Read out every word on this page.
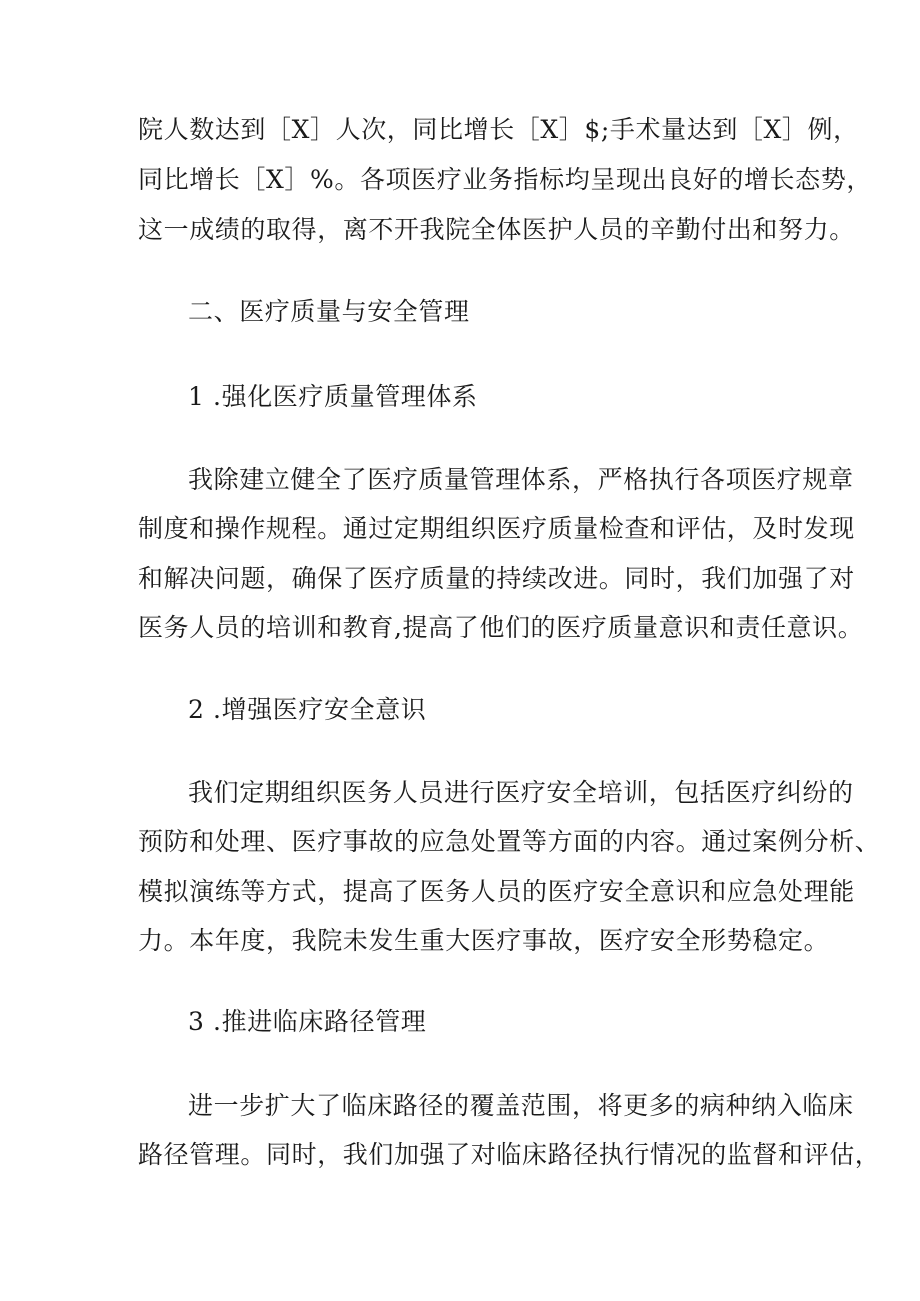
院人数达到［X］人次，同比增长［X］$;手术量达到［X］例，
同比增长［X］%。各项医疗业务指标均呈现出良好的增长态势，
这一成绩的取得，离不开我院全体医护人员的辛勤付出和努力。
二、医疗质量与安全管理
1 .强化医疗质量管理体系
我除建立健全了医疗质量管理体系，严格执行各项医疗规章
制度和操作规程。通过定期组织医疗质量检查和评估，及时发现
和解决问题，确保了医疗质量的持续改进。同时，我们加强了对
医务人员的培训和教育,提高了他们的医疗质量意识和责任意识。
2 .增强医疗安全意识
我们定期组织医务人员进行医疗安全培训，包括医疗纠纷的
预防和处理、医疗事故的应急处置等方面的内容。通过案例分析、
模拟演练等方式，提高了医务人员的医疗安全意识和应急处理能
力。本年度，我院未发生重大医疗事故，医疗安全形势稳定。
3 .推进临床路径管理
进一步扩大了临床路径的覆盖范围，将更多的病种纳入临床
路径管理。同时，我们加强了对临床路径执行情况的监督和评估，
